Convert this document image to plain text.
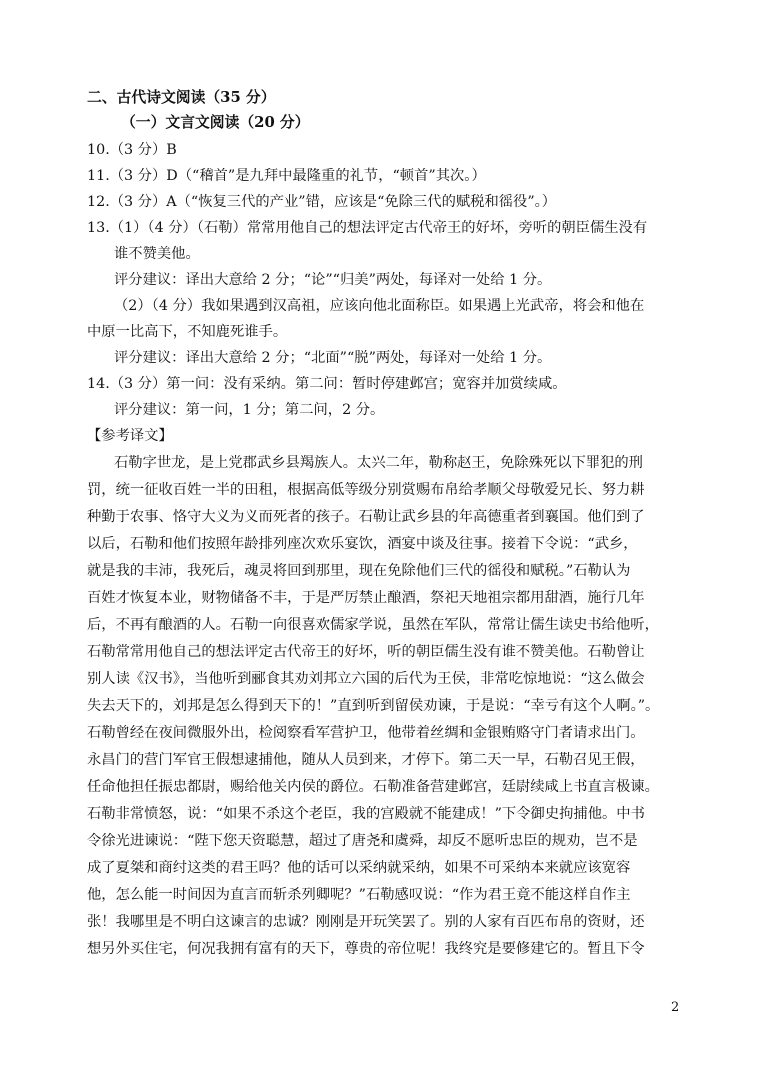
二、古代诗文阅读（35 分）
（一）文言文阅读（20 分）
10.（3 分）B
11.（3 分）D（“稽首”是九拜中最隆重的礼节，“顿首”其次。）
12.（3 分）A（“恢复三代的产业”错，应该是“免除三代的赋税和徭役”。）
13.（1）（4 分）（石勒）常常用他自己的想法评定古代帝王的好坏，旁听的朝臣儒生没有
谁不赞美他。
评分建议：译出大意给 2 分；“论”“归美”两处，每译对一处给 1 分。
（2）（4 分）我如果遇到汉高祖，应该向他北面称臣。如果遇上光武帝，将会和他在
中原一比高下，不知鹿死谁手。
评分建议：译出大意给 2 分；“北面”“脱”两处，每译对一处给 1 分。
14.（3 分）第一问：没有采纳。第二问：暂时停建邺宫；宽容并加赏续咸。
评分建议：第一问，1 分；第二问，2 分。
【参考译文】
石勒字世龙，是上党郡武乡县羯族人。太兴二年，勒称赵王，免除殊死以下罪犯的刑
罚，统一征收百姓一半的田租，根据高低等级分别赏赐布帛给孝顺父母敬爱兄长、努力耕
种勤于农事、恪守大义为义而死者的孩子。石勒让武乡县的年高德重者到襄国。他们到了
以后，石勒和他们按照年龄排列座次欢乐宴饮，酒宴中谈及往事。接着下令说：“武乡，
就是我的丰沛，我死后，魂灵将回到那里，现在免除他们三代的徭役和赋税。”石勒认为
百姓才恢复本业，财物储备不丰，于是严厉禁止酿酒，祭祀天地祖宗都用甜酒，施行几年
后，不再有酿酒的人。石勒一向很喜欢儒家学说，虽然在军队，常常让儒生读史书给他听，
石勒常常用他自己的想法评定古代帝王的好坏，听的朝臣儒生没有谁不赞美他。石勒曾让
别人读《汉书》，当他听到郦食其劝刘邦立六国的后代为王侯，非常吃惊地说：“这么做会
失去天下的，刘邦是怎么得到天下的！”直到听到留侯劝谏，于是说：“幸亏有这个人啊。”。
石勒曾经在夜间微服外出，检阅察看军营护卫，他带着丝绸和金银贿赂守门者请求出门。
永昌门的营门军官王假想逮捕他，随从人员到来，才停下。第二天一早，石勒召见王假，
任命他担任振忠都尉，赐给他关内侯的爵位。石勒准备营建邺宫，廷尉续咸上书直言极谏。
石勒非常愤怒，说：“如果不杀这个老臣，我的宫殿就不能建成！”下令御史拘捕他。中书
令徐光进谏说：“陛下您天资聪慧，超过了唐尧和虞舜，却反不愿听忠臣的规劝，岂不是
成了夏桀和商纣这类的君王吗？他的话可以采纳就采纳，如果不可采纳本来就应该宽容
他，怎么能一时间因为直言而斩杀列卿呢？”石勒感叹说：“作为君王竟不能这样自作主
张！我哪里是不明白这谏言的忠诚？刚刚是开玩笑罢了。别的人家有百匹布帛的资财，还
想另外买住宅，何况我拥有富有的天下，尊贵的帝位呢！我终究是要修建它的。暂且下令
2
